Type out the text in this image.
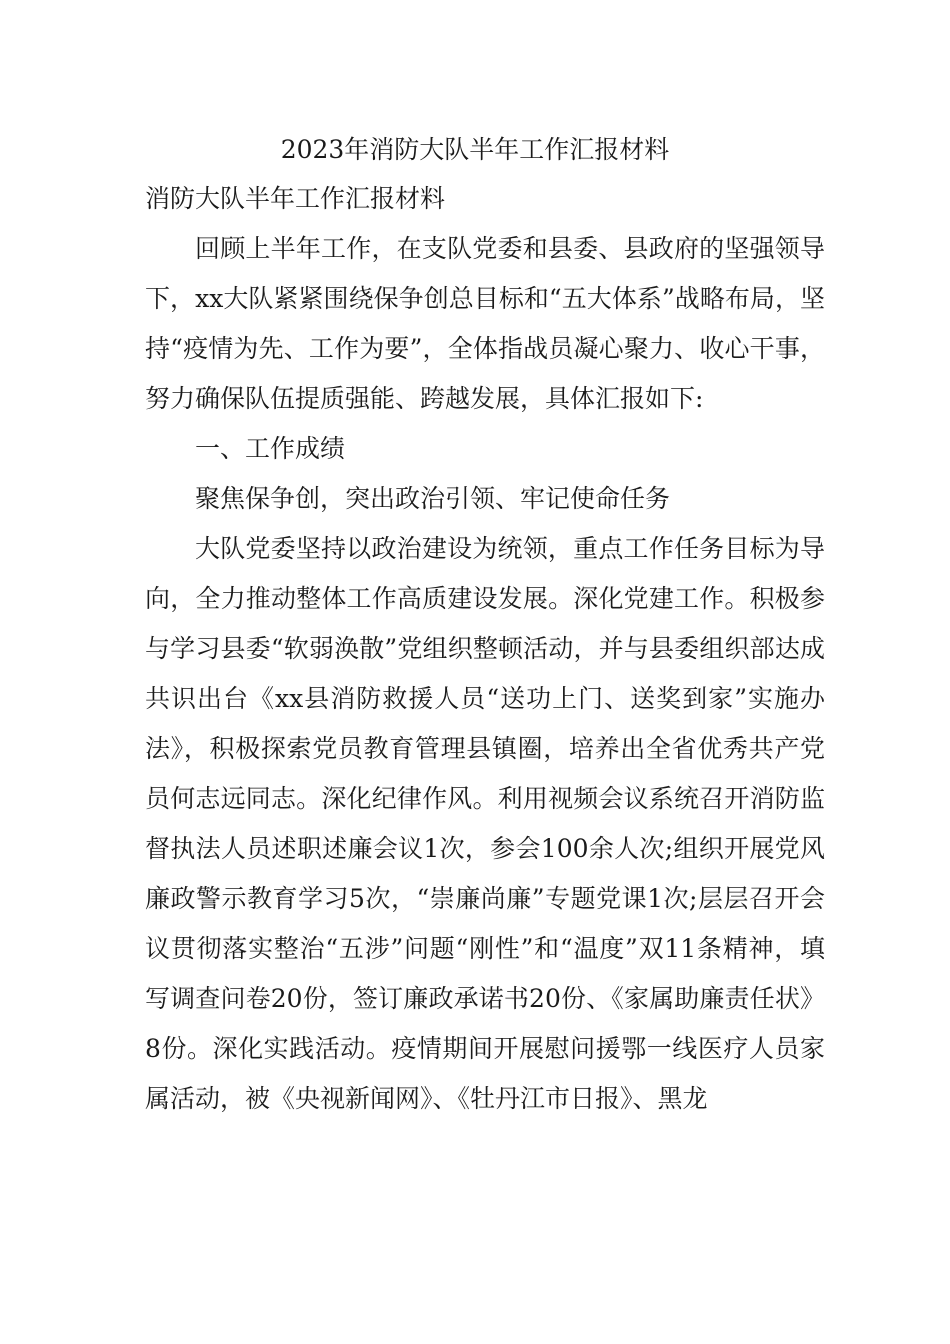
2023年消防大队半年工作汇报材料

消防大队半年工作汇报材料

回顾上半年工作，在支队党委和县委、县政府的坚强领导下，xx大队紧紧围绕保争创总目标和“五大体系”战略布局，坚持“疫情为先、工作为要”，全体指战员凝心聚力、收心干事，努力确保队伍提质强能、跨越发展，具体汇报如下:

一、工作成绩

聚焦保争创，突出政治引领、牢记使命任务

大队党委坚持以政治建设为统领，重点工作任务目标为导向，全力推动整体工作高质建设发展。深化党建工作。积极参与学习县委“软弱涣散”党组织整顿活动，并与县委组织部达成共识出台《xx县消防救援人员“送功上门、送奖到家”实施办法》，积极探索党员教育管理县镇圈，培养出全省优秀共产党员何志远同志。深化纪律作风。利用视频会议系统召开消防监督执法人员述职述廉会议1次，参会100余人次;组织开展党风廉政警示教育学习5次，“崇廉尚廉”专题党课1次;层层召开会议贯彻落实整治“五涉”问题“刚性”和“温度”双11条精神，填写调查问卷20份，签订廉政承诺书20份、《家属助廉责任状》8份。深化实践活动。疫情期间开展慰问援鄂一线医疗人员家属活动，被《央视新闻网》、《牡丹江市日报》、黑龙
